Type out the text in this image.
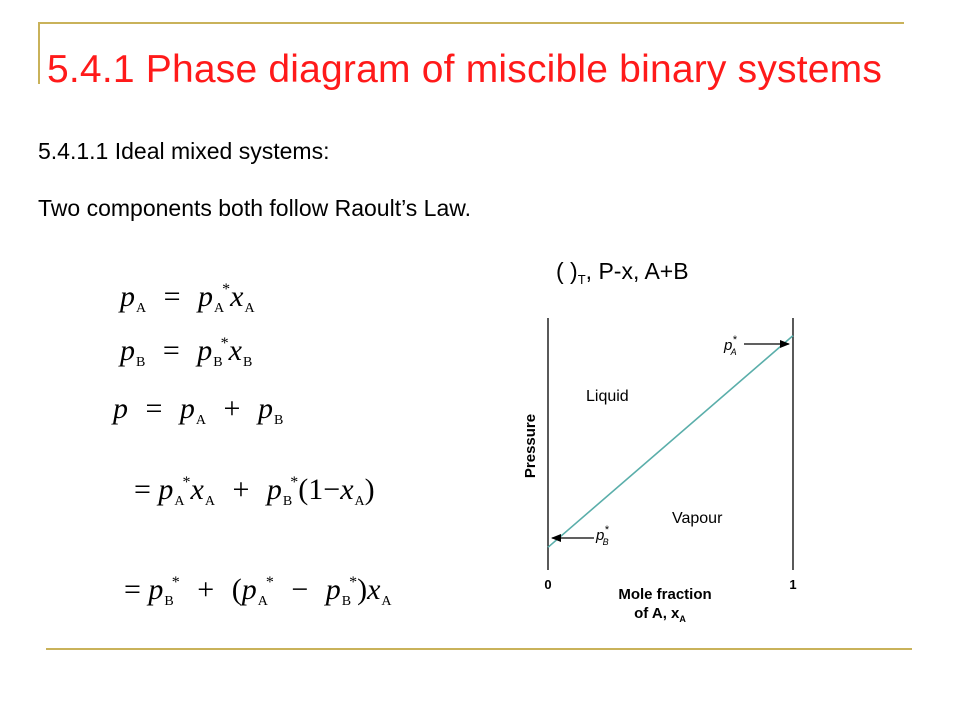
5.4.1 Phase diagram of miscible binary systems
5.4.1.1 Ideal mixed systems:
Two components both follow Raoult’s Law.
( )$_T$, P-x, A+B
$p_A = p_A^*x_A$
$p_B = p_B^*x_B$
$p = p_A + p_B$
= $p_A^*x_A + p_B^*(1-x_A)$
= $p_B^* + (p_A^* - p_B^*)x_A$
Pressure
Liquid
Vapour
p* A
p* B
0	1
Mole fraction
of A, $x_A$
